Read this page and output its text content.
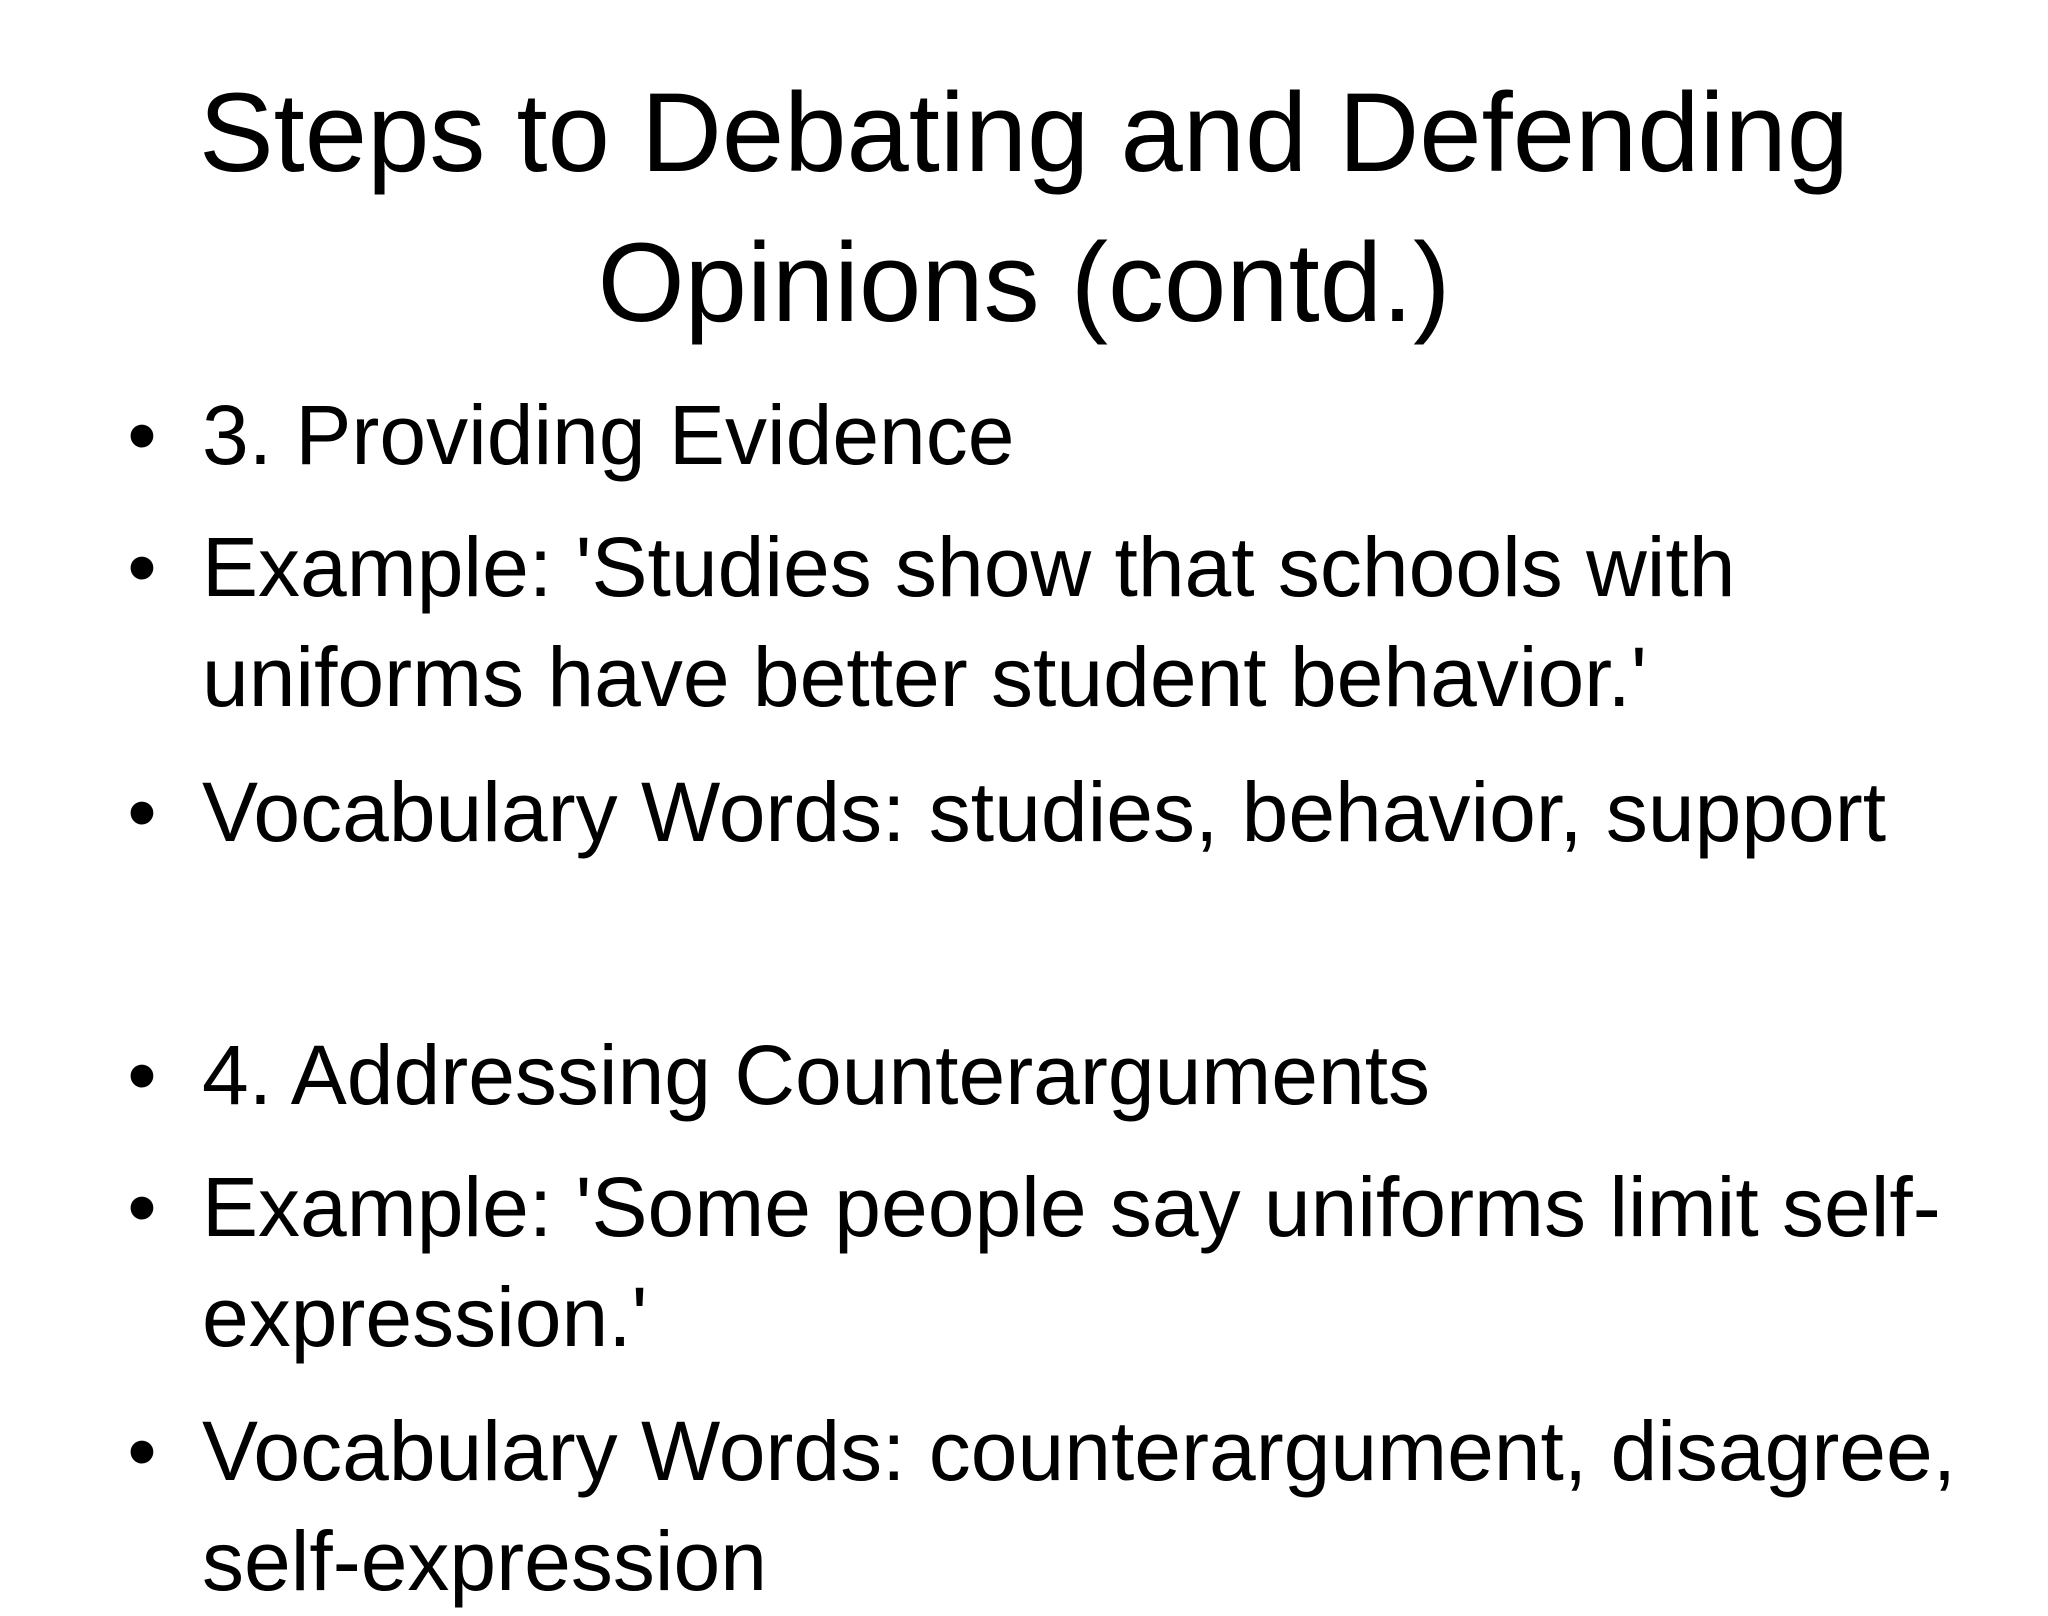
Steps to Debating and Defending Opinions (contd.)
• 3. Providing Evidence
• Example: 'Studies show that schools with uniforms have better student behavior.'
• Vocabulary Words: studies, behavior, support
• 4. Addressing Counterarguments
• Example: 'Some people say uniforms limit self-expression.'
• Vocabulary Words: counterargument, disagree, self-expression
